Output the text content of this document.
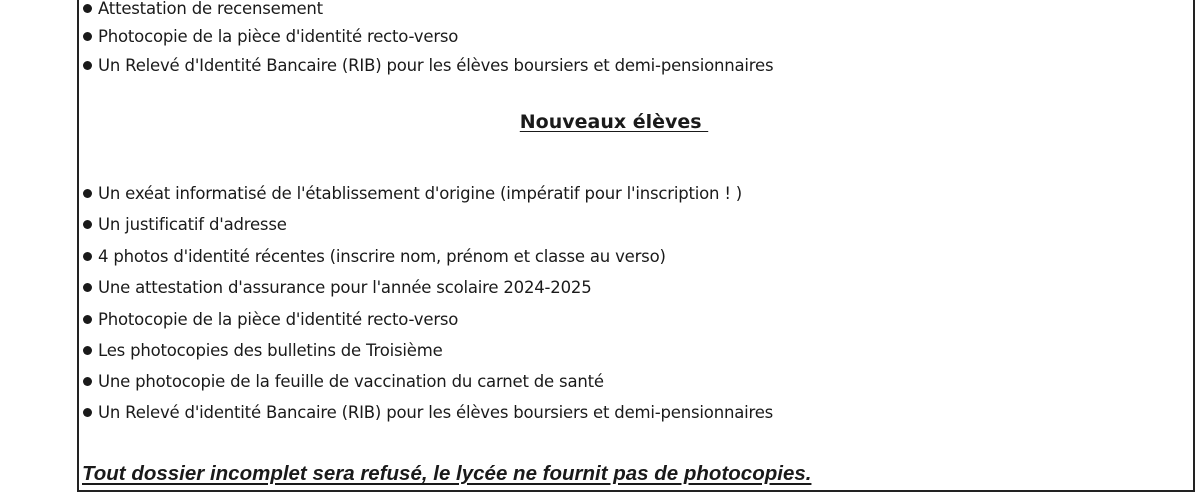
Attestation de recensement
Photocopie de la pièce d'identité recto-verso
Un Relevé d'Identité Bancaire (RIB) pour les élèves boursiers et demi-pensionnaires
Nouveaux élèves
Un exéat informatisé de l'établissement d'origine (impératif pour l'inscription ! )
Un justificatif d'adresse
4 photos d'identité récentes (inscrire nom, prénom et classe au verso)
Une attestation d'assurance pour l'année scolaire 2024-2025
Photocopie de la pièce d'identité recto-verso
Les photocopies des bulletins de Troisième
Une photocopie de la feuille de vaccination du carnet de santé
Un Relevé d'identité Bancaire (RIB) pour les élèves boursiers et demi-pensionnaires
Tout dossier incomplet sera refusé, le lycée ne fournit pas de photocopies.
